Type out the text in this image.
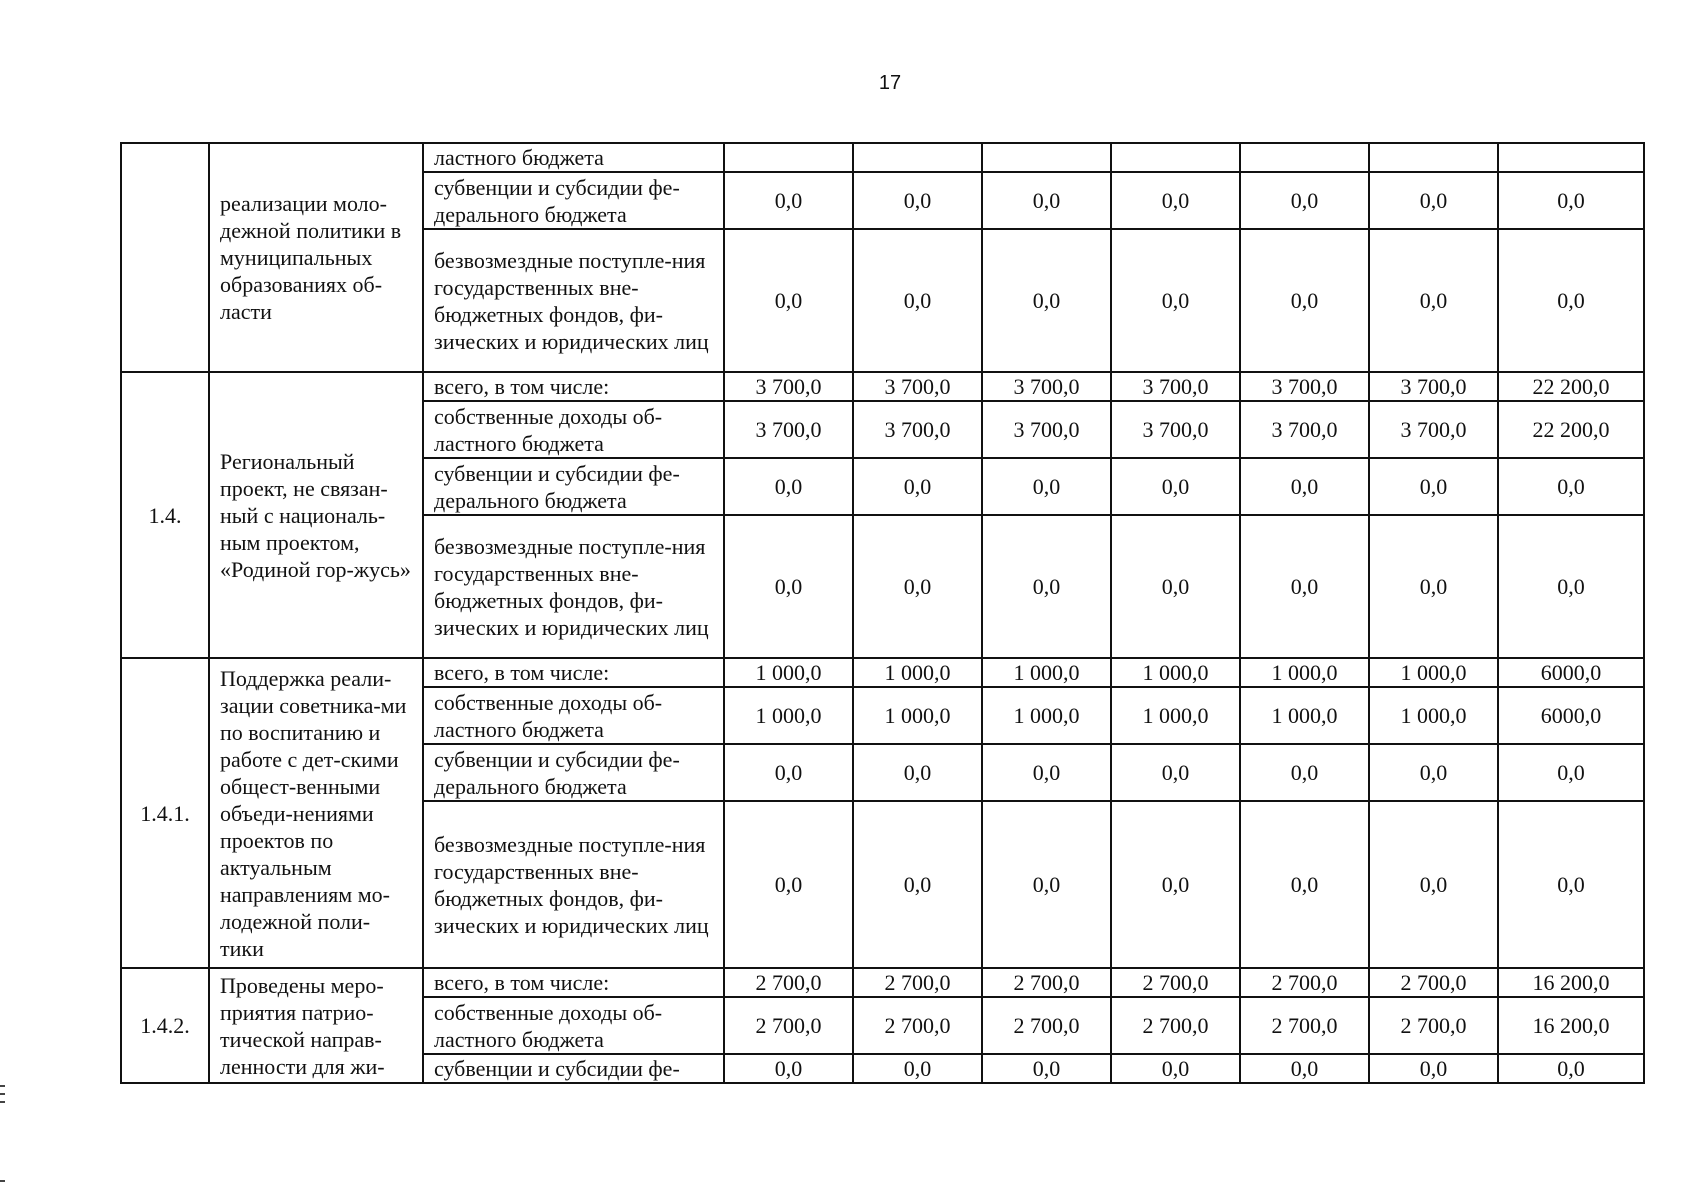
17
	реализации моло-дежной политики в муниципальных образованиях об-ласти	ластного бюджета							
		субвенции и субсидии фе-дерального бюджета	0,0	0,0	0,0	0,0	0,0	0,0	0,0
		безвозмездные поступле-ния государственных вне-бюджетных фондов, фи-зических и юридических лиц	0,0	0,0	0,0	0,0	0,0	0,0	0,0
1.4.	Региональный проект, не связан-ный с националь-ным проектом, «Родиной гор-жусь»	всего, в том числе:	3 700,0	3 700,0	3 700,0	3 700,0	3 700,0	3 700,0	22 200,0
		собственные доходы об-ластного бюджета	3 700,0	3 700,0	3 700,0	3 700,0	3 700,0	3 700,0	22 200,0
		субвенции и субсидии фе-дерального бюджета	0,0	0,0	0,0	0,0	0,0	0,0	0,0
		безвозмездные поступле-ния государственных вне-бюджетных фондов, фи-зических и юридических лиц	0,0	0,0	0,0	0,0	0,0	0,0	0,0
1.4.1.	Поддержка реали-зации советника-ми по воспитанию и работе с дет-скими общест-венными объеди-нениями проектов по актуальным направлениям мо-лодежной поли-тики	всего, в том числе:	1 000,0	1 000,0	1 000,0	1 000,0	1 000,0	1 000,0	6000,0
		собственные доходы об-ластного бюджета	1 000,0	1 000,0	1 000,0	1 000,0	1 000,0	1 000,0	6000,0
		субвенции и субсидии фе-дерального бюджета	0,0	0,0	0,0	0,0	0,0	0,0	0,0
		безвозмездные поступле-ния государственных вне-бюджетных фондов, фи-зических и юридических лиц	0,0	0,0	0,0	0,0	0,0	0,0	0,0
1.4.2.	Проведены меро-приятия патрио-тической направ-ленности для жи-	всего, в том числе:	2 700,0	2 700,0	2 700,0	2 700,0	2 700,0	2 700,0	16 200,0
		собственные доходы об-ластного бюджета	2 700,0	2 700,0	2 700,0	2 700,0	2 700,0	2 700,0	16 200,0
		субвенции и субсидии фе-	0,0	0,0	0,0	0,0	0,0	0,0	0,0
